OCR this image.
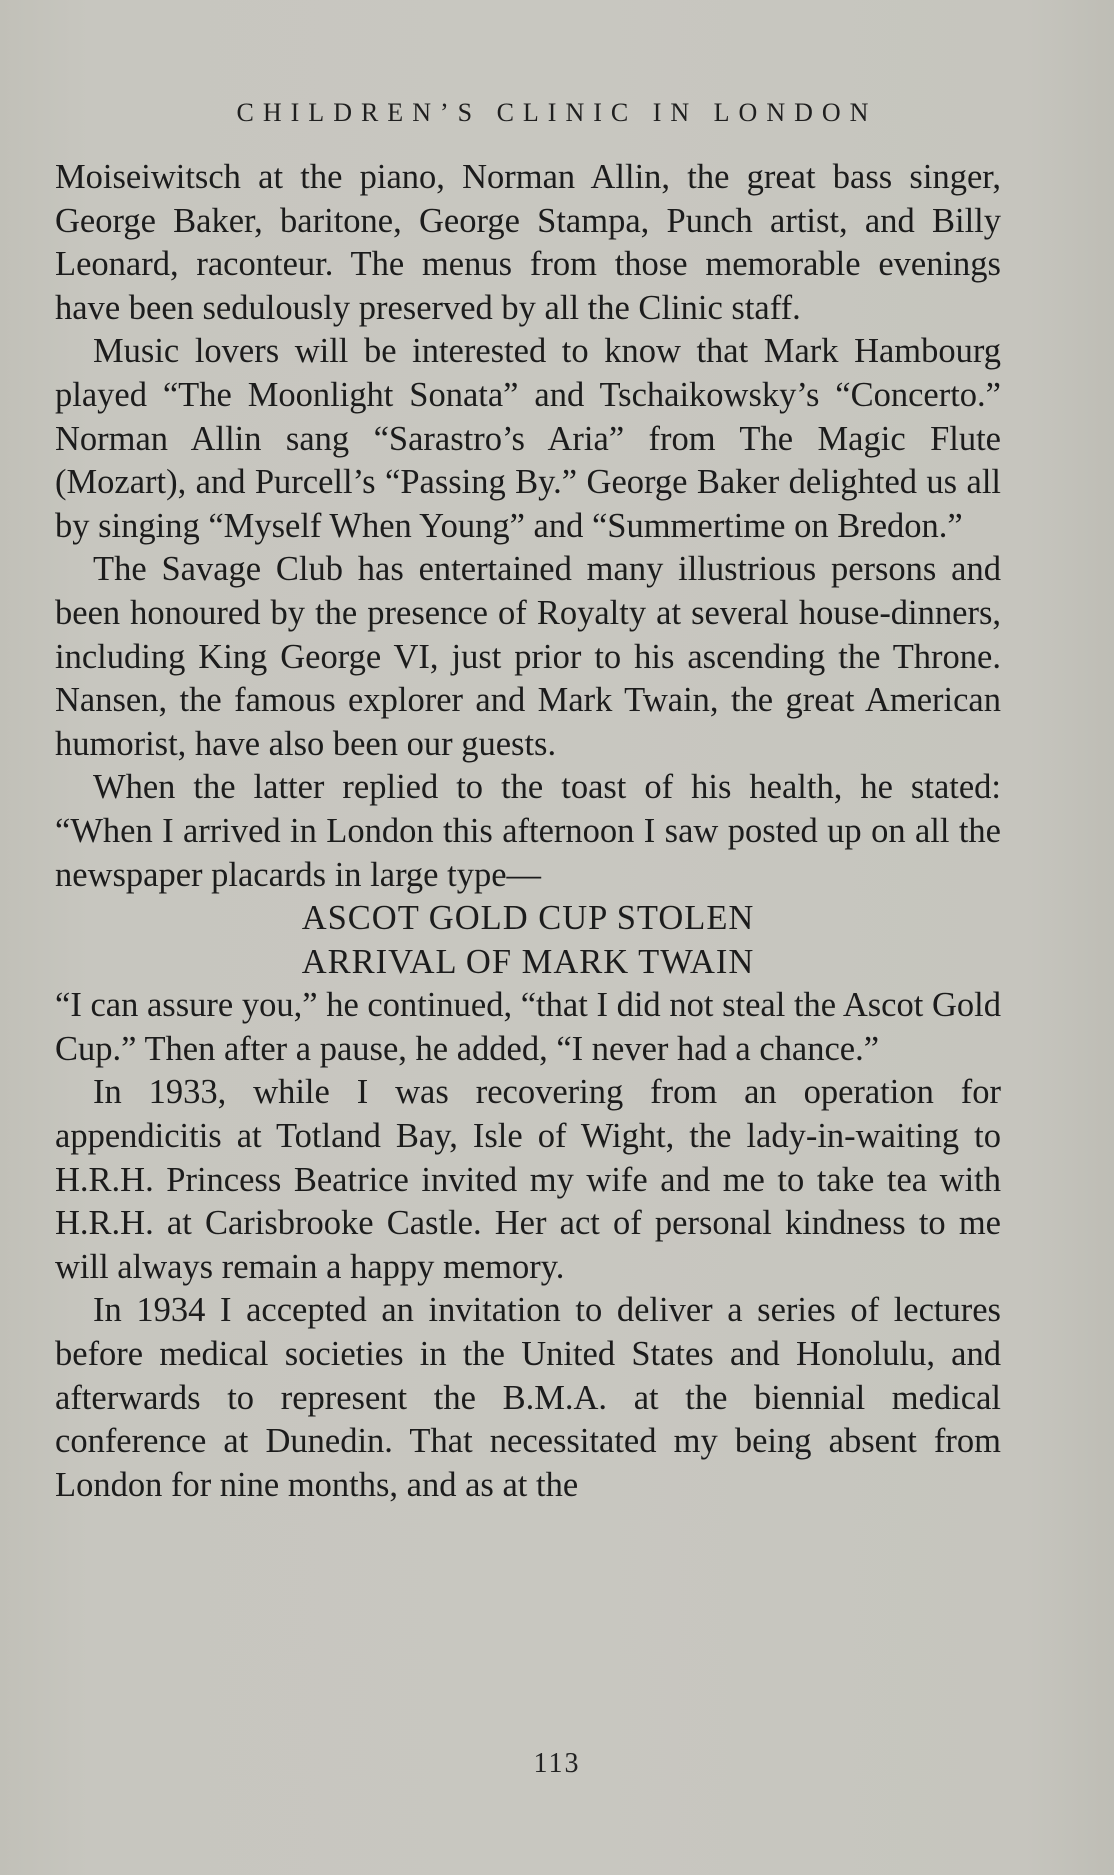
CHILDREN’S CLINIC IN LONDON

Moiseiwitsch at the piano, Norman Allin, the great bass singer, George Baker, baritone, George Stampa, Punch artist, and Billy Leonard, raconteur. The menus from those memorable evenings have been sedulously preserved by all the Clinic staff.

Music lovers will be interested to know that Mark Hambourg played “The Moonlight Sonata” and Tschaikowsky’s “Concerto.” Norman Allin sang “Sarastro’s Aria” from The Magic Flute (Mozart), and Purcell’s “Passing By.” George Baker delighted us all by singing “Myself When Young” and “Summertime on Bredon.”

The Savage Club has entertained many illustrious persons and been honoured by the presence of Royalty at several house-dinners, including King George VI, just prior to his ascending the Throne. Nansen, the famous explorer and Mark Twain, the great American humorist, have also been our guests.

When the latter replied to the toast of his health, he stated: “When I arrived in London this afternoon I saw posted up on all the newspaper placards in large type—

ASCOT GOLD CUP STOLEN
ARRIVAL OF MARK TWAIN

“I can assure you,” he continued, “that I did not steal the Ascot Gold Cup.” Then after a pause, he added, “I never had a chance.”

In 1933, while I was recovering from an operation for appendicitis at Totland Bay, Isle of Wight, the lady-in-waiting to H.R.H. Princess Beatrice invited my wife and me to take tea with H.R.H. at Carisbrooke Castle. Her act of personal kindness to me will always remain a happy memory.

In 1934 I accepted an invitation to deliver a series of lectures before medical societies in the United States and Honolulu, and afterwards to represent the B.M.A. at the biennial medical conference at Dunedin. That necessitated my being absent from London for nine months, and as at the

113
